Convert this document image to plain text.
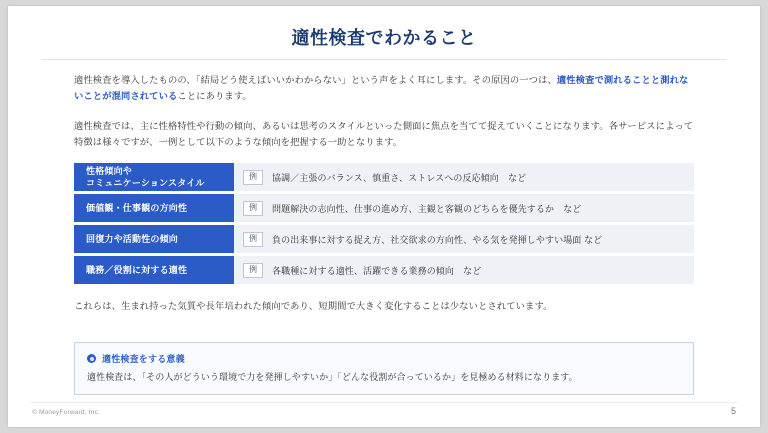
適性検査でわかること

適性検査を導入したものの、「結局どう使えばいいかわからない」という声をよく耳にします。その原因の一つは、適性検査で測れることと測れないことが混同されていることにあります。

適性検査では、主に性格特性や行動の傾向、あるいは思考のスタイルといった側面に焦点を当てて捉えていくことになります。各サービスによって特徴は様々ですが、一例として以下のような傾向を把握する一助となります。

性格傾向や
コミュニケーションスタイル
例	協調／主張のバランス、慎重さ、ストレスへの反応傾向　など
価値観・仕事観の方向性	例	問題解決の志向性、仕事の進め方、主観と客観のどちらを優先するか　など
回復力や活動性の傾向	例	負の出来事に対する捉え方、社交欲求の方向性、やる気を発揮しやすい場面 など
職務／役割に対する適性	例	各職種に対する適性、活躍できる業務の傾向　など
これらは、生まれ持った気質や長年培われた傾向であり、短期間で大きく変化することは少ないとされています。
適性検査をする意義
適性検査は、「その人がどういう環境で力を発揮しやすいか」「どんな役割が合っているか」を見極める材料になります。
© MoneyForward, Inc.	5
